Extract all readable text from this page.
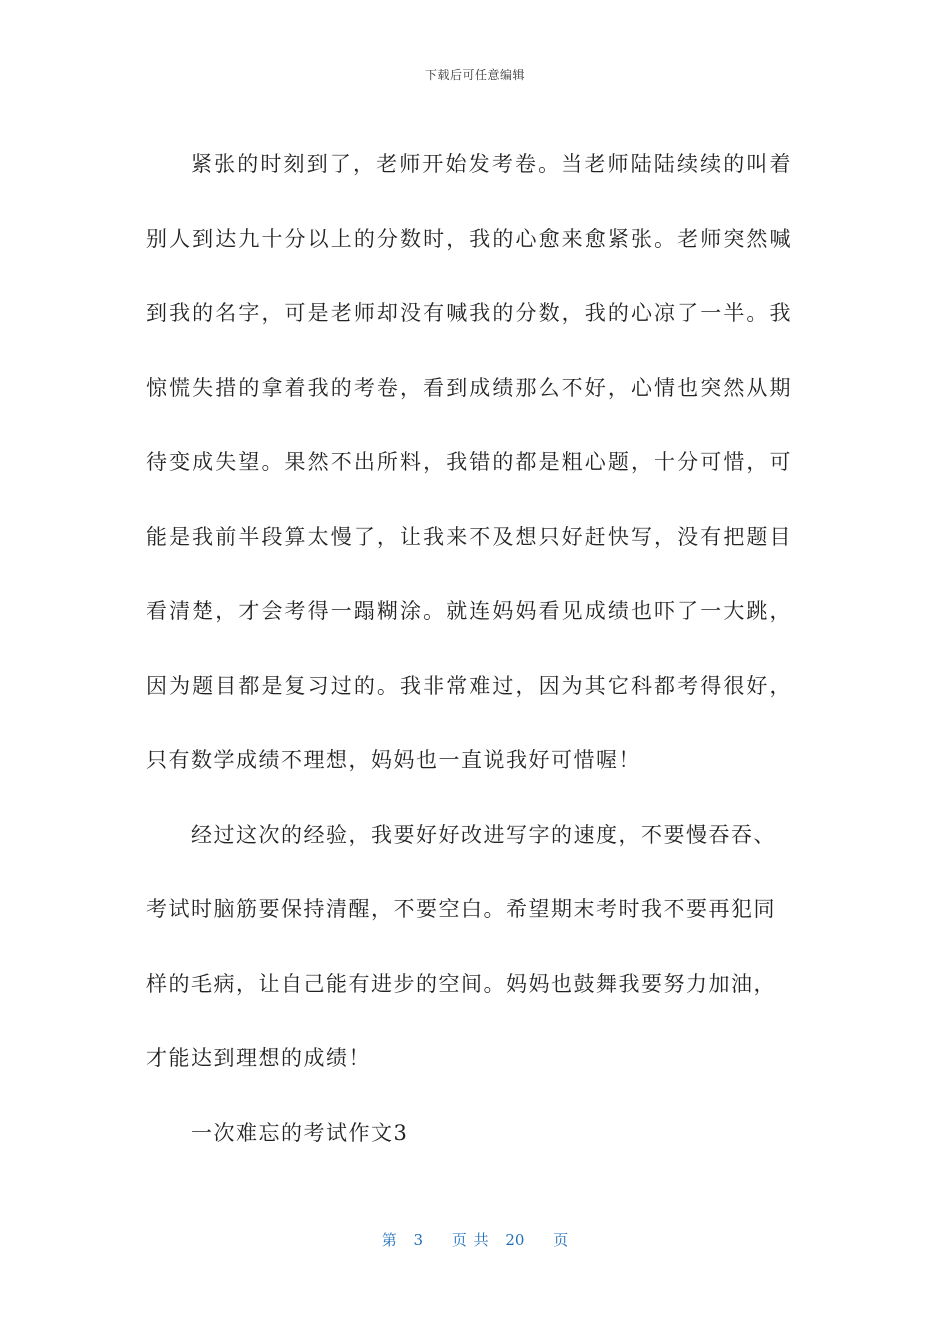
下载后可任意编辑

紧张的时刻到了，老师开始发考卷。当老师陆陆续续的叫着别人到达九十分以上的分数时，我的心愈来愈紧张。老师突然喊到我的名字，可是老师却没有喊我的分数，我的心凉了一半。我惊慌失措的拿着我的考卷，看到成绩那么不好，心情也突然从期待变成失望。果然不出所料，我错的都是粗心题，十分可惜，可能是我前半段算太慢了，让我来不及想只好赶快写，没有把题目看清楚，才会考得一蹋糊涂。就连妈妈看见成绩也吓了一大跳，因为题目都是复习过的。我非常难过，因为其它科都考得很好，只有数学成绩不理想，妈妈也一直说我好可惜喔！

经过这次的经验，我要好好改进写字的速度，不要慢吞吞、考试时脑筋要保持清醒，不要空白。希望期末考时我不要再犯同样的毛病，让自己能有进步的空间。妈妈也鼓舞我要努力加油，才能达到理想的成绩！

一次难忘的考试作文3

第 3 页 共 20 页
